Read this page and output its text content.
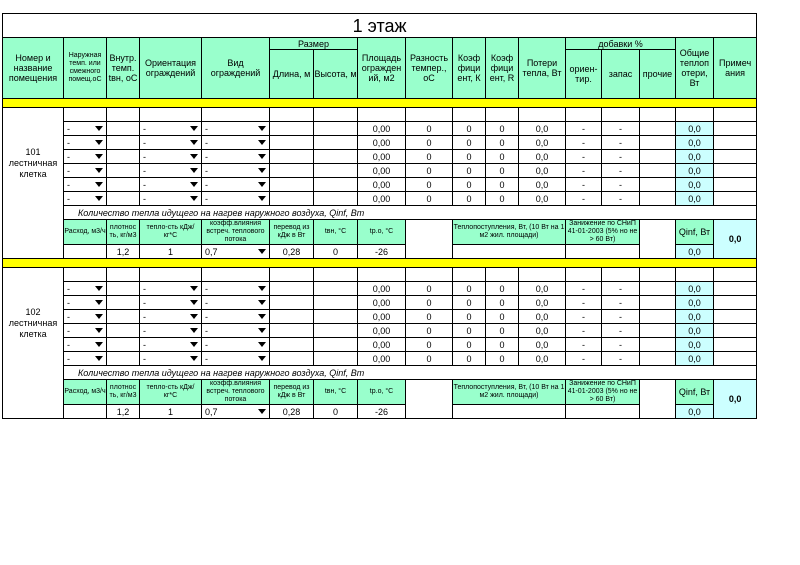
1 этаж																
Номер и название помещения	Наружная темп. или смежного помещ.оС	Внутр. темп. tвн, оС	Ориентация ограждений	Вид ограждений	Размер		Площадь огражден ий, м2	Разность темпер., оС	Коэф фици ент, К	Коэф фици ент, R	Потери тепла, Вт	добавки %			Общие теплоп отери, Вт	Примеч ания
					Длина, м	Высота, м						ориен- тир.	запас	прочие		

101 лестничная клетка	-		-	-			0,00	0	0	0	0,0	-	-		0,0	
	-		-	-			0,00	0	0	0	0,0	-	-		0,0	
	-		-	-			0,00	0	0	0	0,0	-	-		0,0	
	-		-	-			0,00	0	0	0	0,0	-	-		0,0	
	-		-	-			0,00	0	0	0	0,0	-	-		0,0	
	-		-	-			0,00	0	0	0	0,0	-	-		0,0	
	Количество тепла идущего на нагрев наружного воздуха, Qinf, Вт															
	Расход, м3/ч	плотнос ть, кг/м3	тепло-сть кДж/кг*С	коэфф.влияния встреч. теплового потока	перевод из кДж в Вт	tвн, °С	tр.о, °С		Теплопоступления, Вт, (10 Вт на 1 м2 жил. площади)			Занижение по СНиП 41-01-2003 (5% но не > 60 Вт)			Qinf, Вт	0,0
		1,2	1	0,7	0,28	0	-26								0,0	

102 лестничная клетка	-		-	-			0,00	0	0	0	0,0	-	-		0,0	
	-		-	-			0,00	0	0	0	0,0	-	-		0,0	
	-		-	-			0,00	0	0	0	0,0	-	-		0,0	
	-		-	-			0,00	0	0	0	0,0	-	-		0,0	
	-		-	-			0,00	0	0	0	0,0	-	-		0,0	
	-		-	-			0,00	0	0	0	0,0	-	-		0,0	
	Количество тепла идущего на нагрев наружного воздуха, Qinf, Вт															
	Расход, м3/ч	плотнос ть, кг/м3	тепло-сть кДж/кг*С	коэфф.влияния встреч. теплового потока	перевод из кДж в Вт	tвн, °С	tр.о, °С		Теплопоступления, Вт, (10 Вт на 1 м2 жил. площади)			Занижение по СНиП 41-01-2003 (5% но не > 60 Вт)			Qinf, Вт	0,0
		1,2	1	0,7	0,28	0	-26								0,0	
